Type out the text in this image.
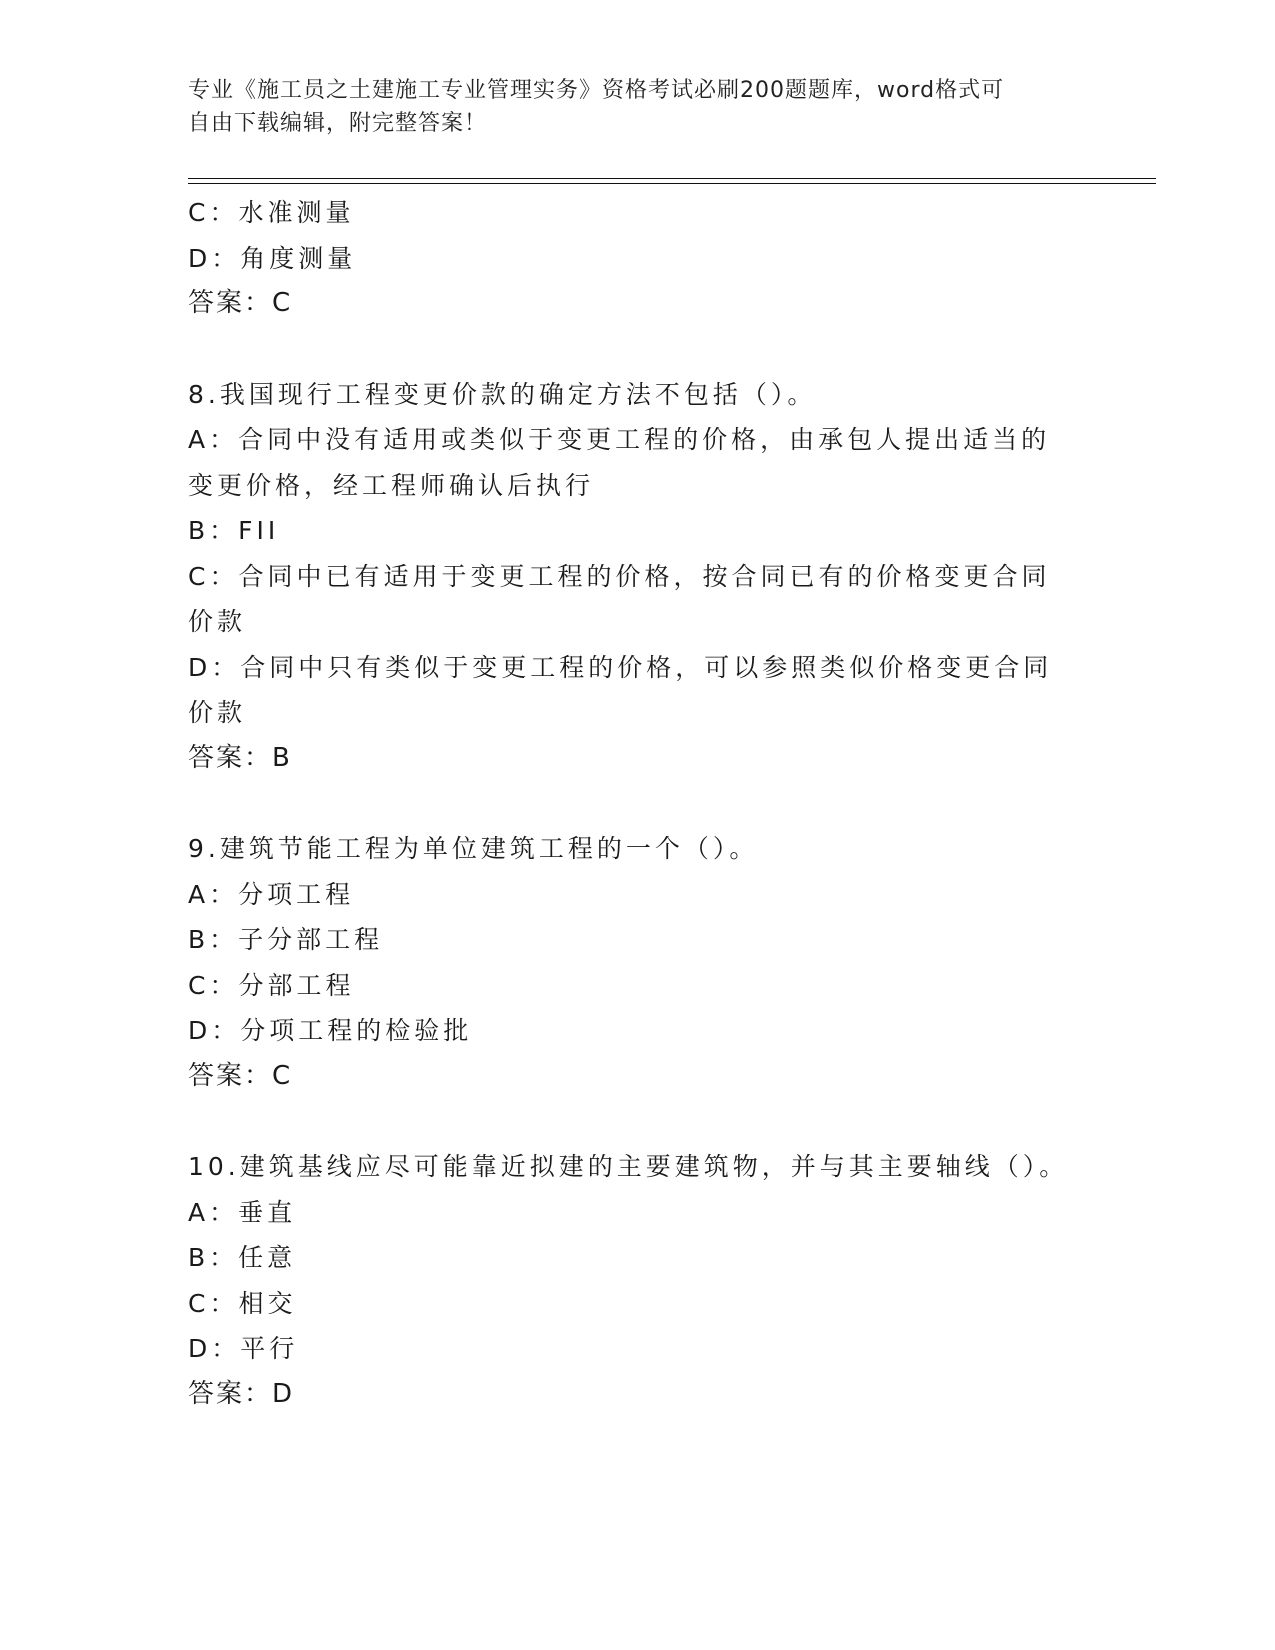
专业《施工员之土建施工专业管理实务》资格考试必刷200题题库，word格式可
自由下载编辑，附完整答案！
C：水准测量
D：角度测量
答案：C
8.我国现行工程变更价款的确定方法不包括（）。
A：合同中没有适用或类似于变更工程的价格，由承包人提出适当的变更价格，经工程师确认后执行
B：FII
C：合同中已有适用于变更工程的价格，按合同已有的价格变更合同价款
D：合同中只有类似于变更工程的价格，可以参照类似价格变更合同价款
答案：B
9.建筑节能工程为单位建筑工程的一个（）。
A：分项工程
B：子分部工程
C：分部工程
D：分项工程的检验批
答案：C
10.建筑基线应尽可能靠近拟建的主要建筑物，并与其主要轴线（）。
A：垂直
B：任意
C：相交
D：平行
答案：D
